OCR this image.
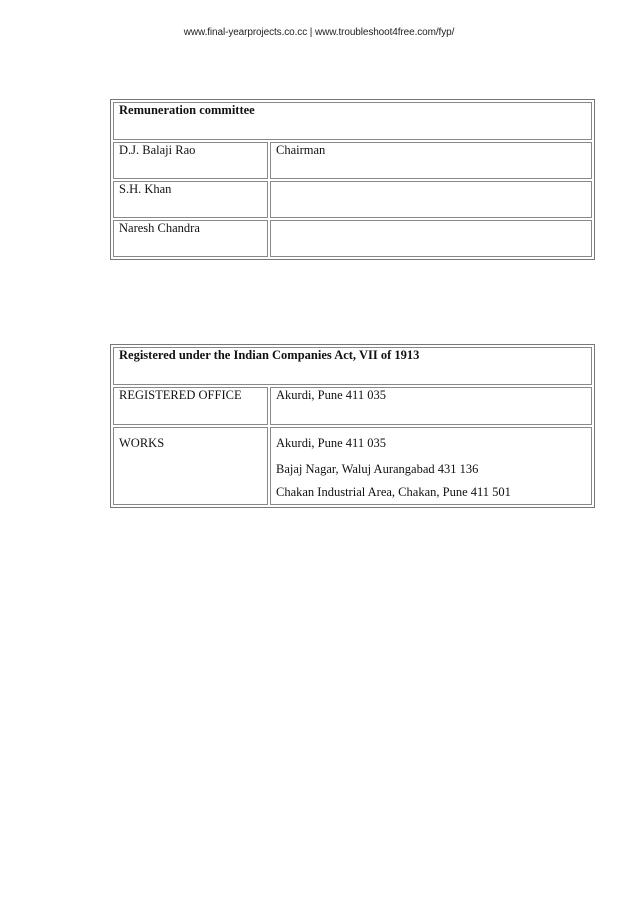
www.final-yearprojects.co.cc | www.troubleshoot4free.com/fyp/
Remuneration committee	
D.J. Balaji Rao	Chairman
S.H. Khan	
Naresh Chandra	
Registered under the Indian Companies Act, VII of 1913	
REGISTERED OFFICE	Akurdi, Pune 411 035
WORKS	Akurdi, Pune 411 035
Bajaj Nagar, Waluj Aurangabad 431 136
Chakan Industrial Area, Chakan, Pune 411 501
